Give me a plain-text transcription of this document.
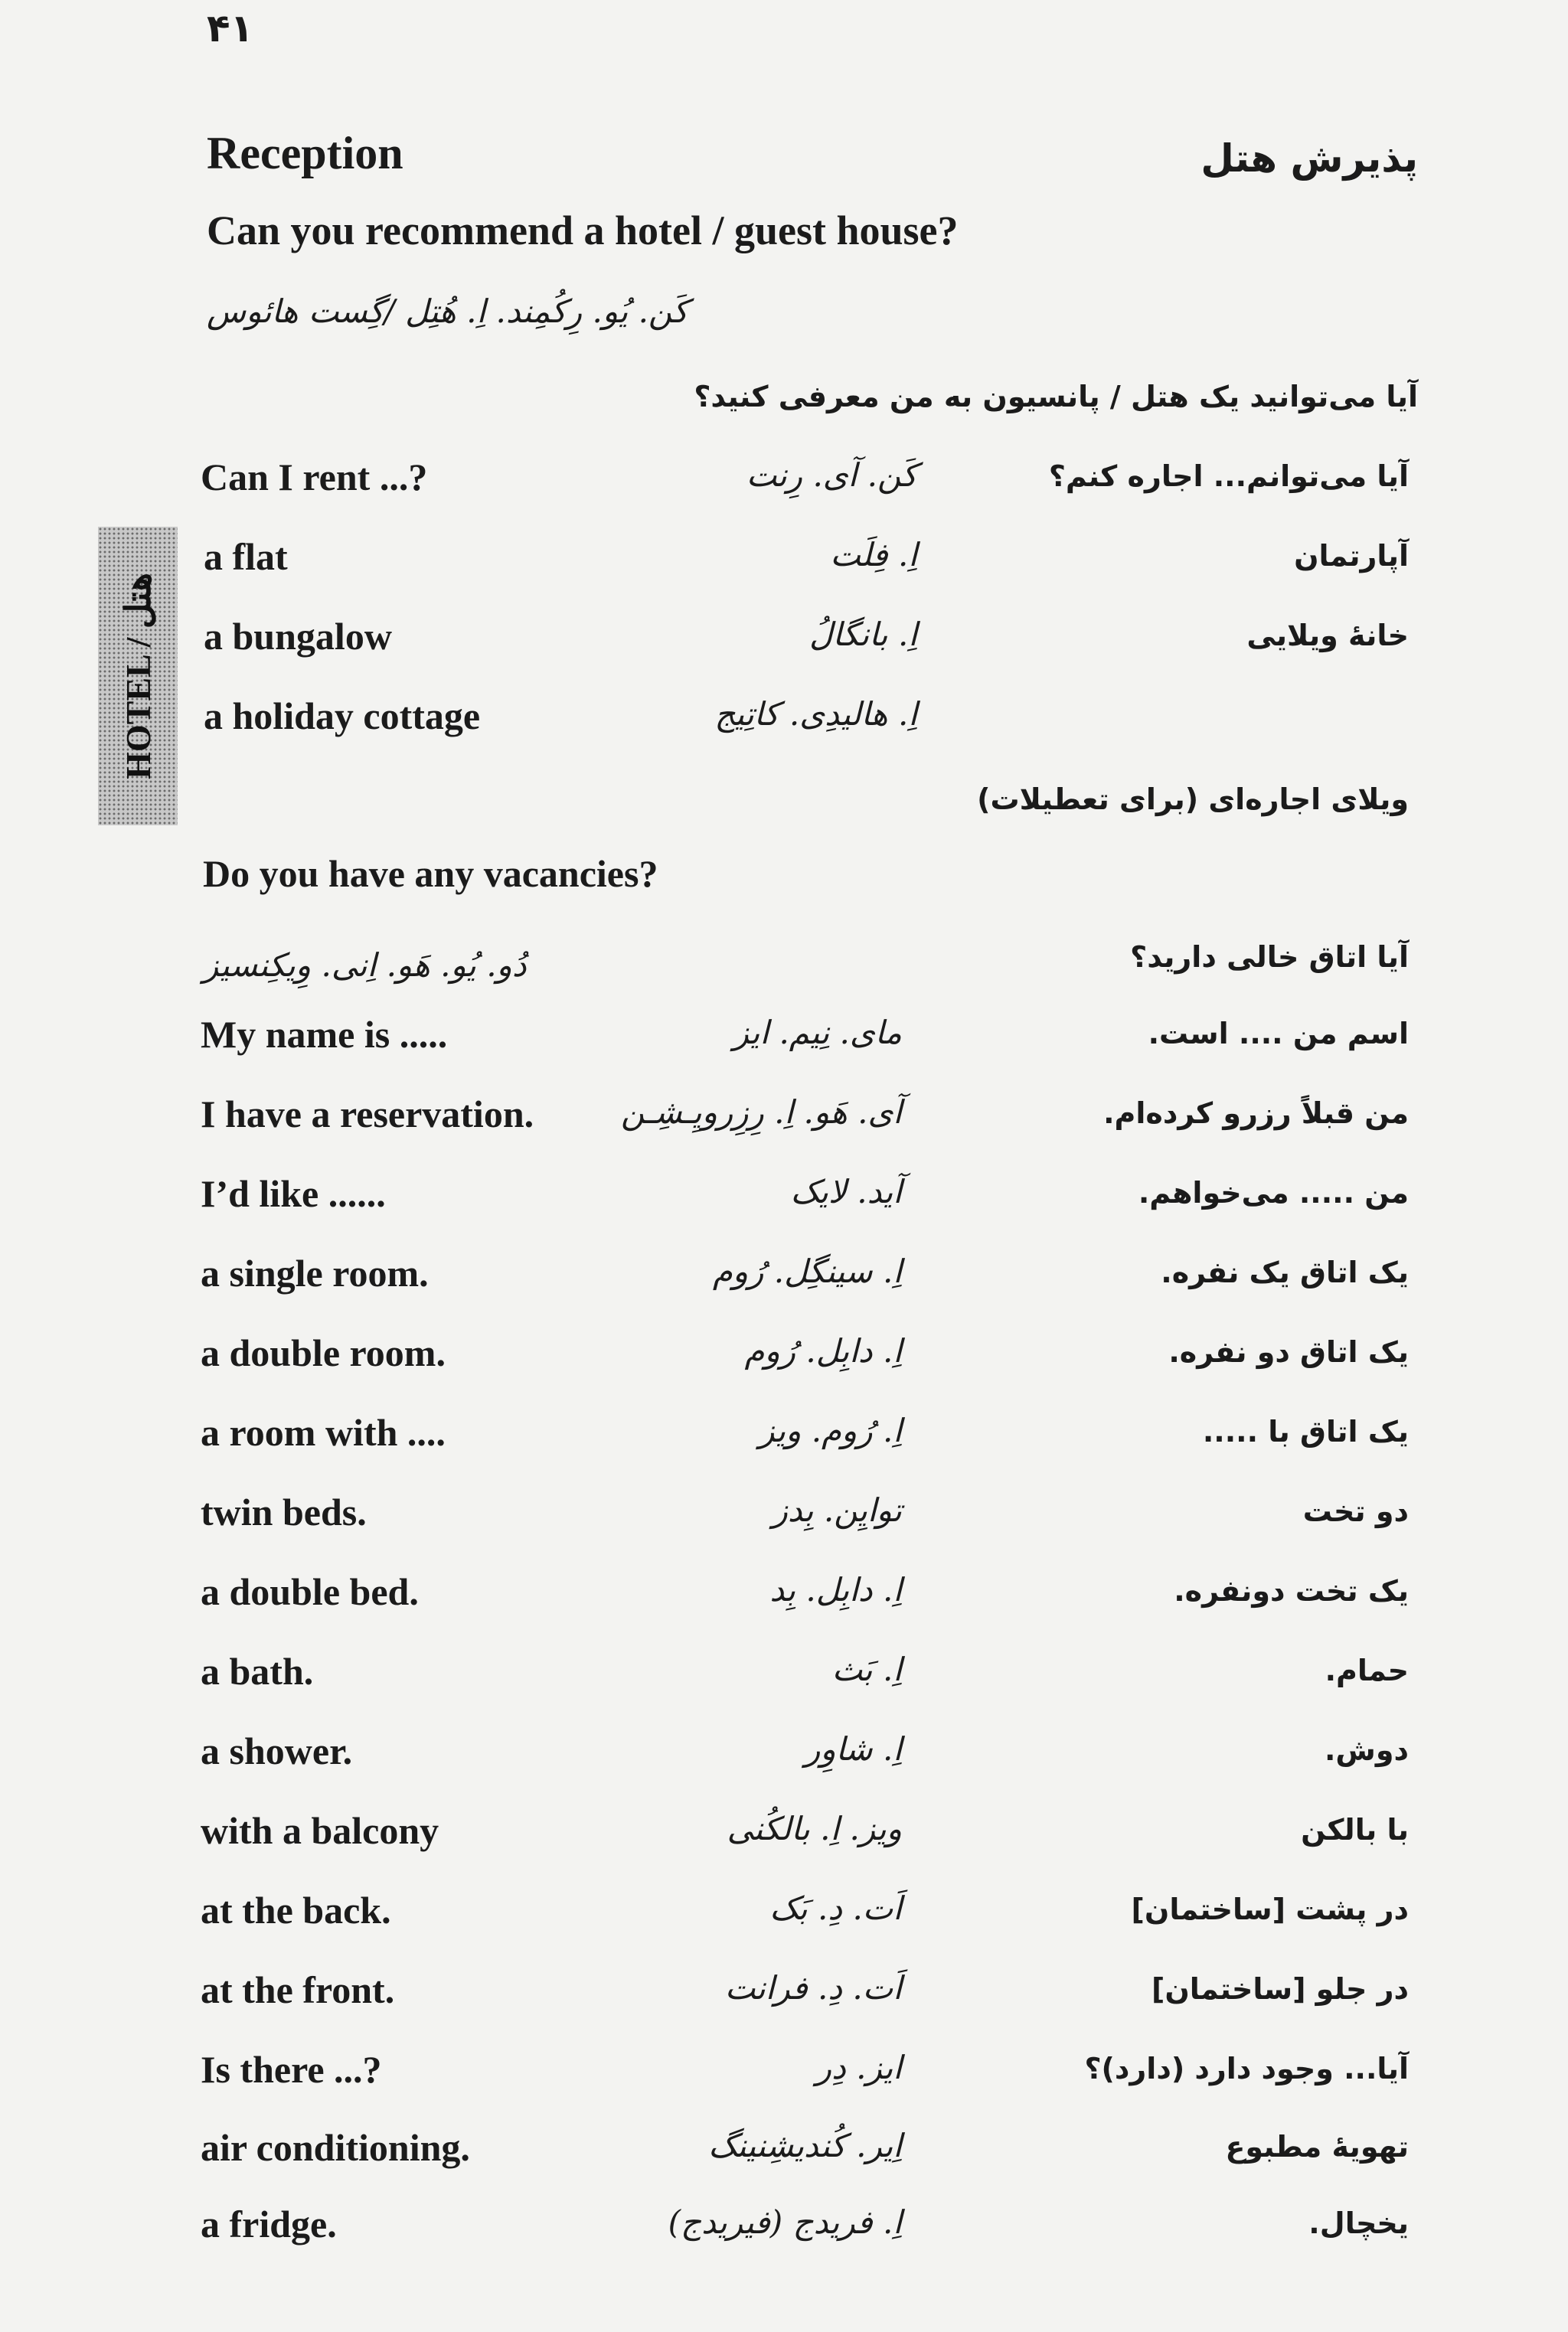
۴۱
HOTEL / هتل
Reception	پذیرش هتل
Can you recommend a hotel / guest house?
کَن. یُو. رِکُمِند. اِ. هُتِل /گِست هائوس
آیا می‌توانید یک هتل / پانسیون به من معرفی کنید؟
Can I rent ...?	کَن. آی. رِنت	آیا می‌توانم... اجاره کنم؟
a flat	اِ. فِلَت	آپارتمان
a bungalow	اِ. بانگالُ	خانهٔ ویلایی
a holiday cottage	اِ. هالیدِی. کاتِیج
ویلای اجاره‌ای (برای تعطیلات)
Do you have any vacancies?
آیا اتاق خالی دارید؟
دُو. یُو. هَو. اِنی. وِیکِنسیز
My name is .....	مای. نِیم. ایز	اسم من .... است.
I have a reservation.	آی. هَو. اِ. رِزِرویِـشِـن	من قبلاً رزرو کرده‌ام.
I’d like ......	آید. لایک	من ..... می‌خواهم.
a single room.	اِ. سینگِل. رُوم	یک اتاق یک نفره.
a double room.	اِ. دابِل. رُوم	یک اتاق دو نفره.
a room with ....	اِ. رُوم. ویز	یک اتاق با .....
twin beds.	توایِن. بِدز	دو تخت
a double bed.	اِ. دابِل. بِد	یک تخت دونفره.
a bath.	اِ. بَث	حمام.
a shower.	اِ. شاوِر	دوش.
with a balcony	ویز. اِ. بالکُنی	با بالکن
at the back.	اَت. دِ. بَک	در پشت [ساختمان]
at the front.	اَت. دِ. فرانت	در جلو [ساختمان]
Is there ...?	ایز. دِر	آیا... وجود دارد (دارد)؟
air conditioning.	اِیر. کُندیشِنینگ	تهویهٔ مطبوع
a fridge.	اِ. فریدج (فیریدج)	یخچال.
